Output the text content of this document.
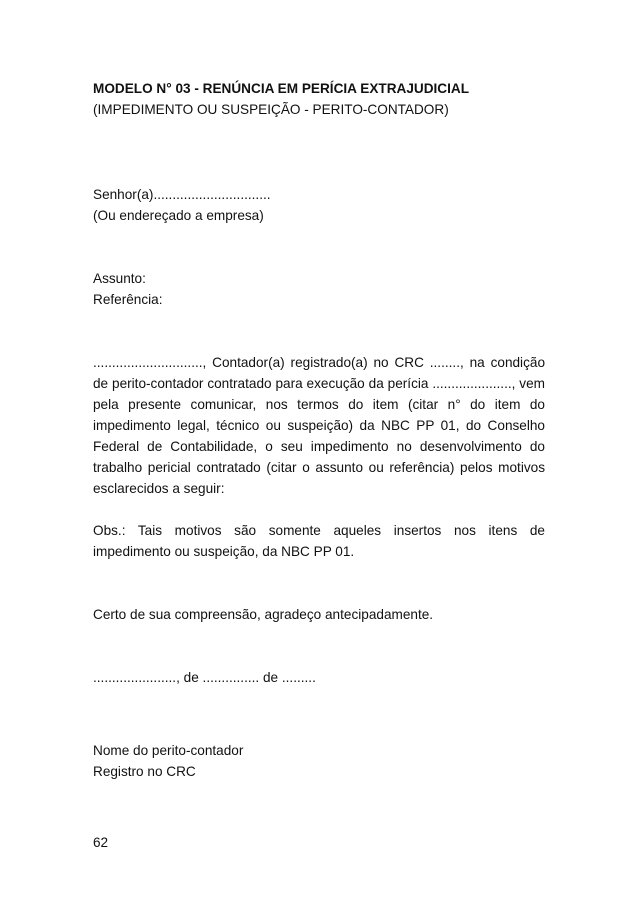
MODELO N° 03 - RENÚNCIA EM PERÍCIA EXTRAJUDICIAL

(IMPEDIMENTO OU SUSPEIÇÃO - PERITO-CONTADOR)

Senhor(a)...............................

(Ou endereçado a empresa)

Assunto:

Referência:

............................., Contador(a) registrado(a) no CRC ........, na condição de perito-contador contratado para execução da perícia ....................., vem pela presente comunicar, nos termos do item (citar n° do item do impedimento legal, técnico ou suspeição) da NBC PP 01, do Conselho Federal de Contabilidade, o seu impedimento no desenvolvimento do trabalho pericial contratado (citar o assunto ou referência) pelos motivos esclarecidos a seguir:

Obs.: Tais motivos são somente aqueles insertos nos itens de impedimento ou suspeição, da NBC PP 01.

Certo de sua compreensão, agradeço antecipadamente.

......................, de ............... de .........

Nome do perito-contador

Registro no CRC

62
